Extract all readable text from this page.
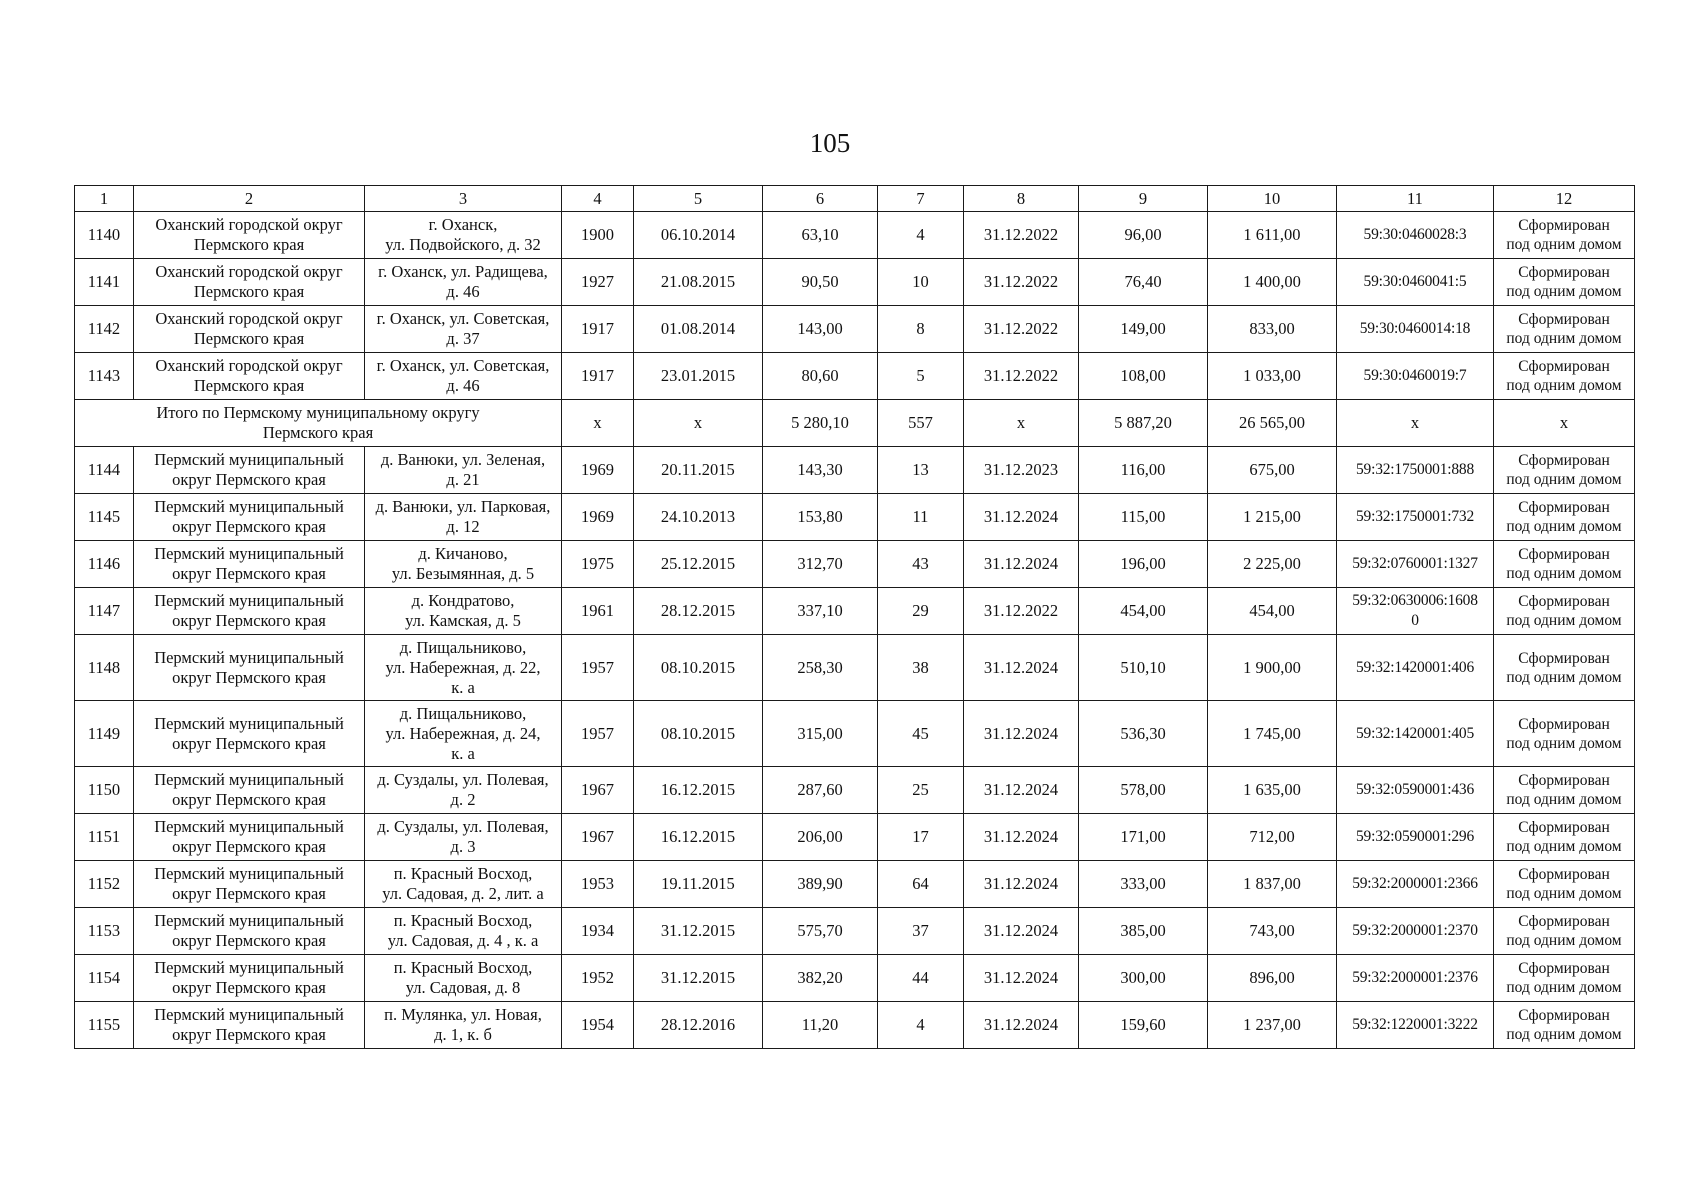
105
1	2	3	4	5	6	7	8	9	10	11	12
1140	Оханский городской округ
Пермского края	г. Оханск,
ул. Подвойского, д. 32	1900	06.10.2014	63,10	4	31.12.2022	96,00	1 611,00	59:30:0460028:3	Сформирован
под одним домом
1141	Оханский городской округ
Пермского края	г. Оханск, ул. Радищева,
д. 46	1927	21.08.2015	90,50	10	31.12.2022	76,40	1 400,00	59:30:0460041:5	Сформирован
под одним домом
1142	Оханский городской округ
Пермского края	г. Оханск, ул. Советская,
д. 37	1917	01.08.2014	143,00	8	31.12.2022	149,00	833,00	59:30:0460014:18	Сформирован
под одним домом
1143	Оханский городской округ
Пермского края	г. Оханск, ул. Советская,
д. 46	1917	23.01.2015	80,60	5	31.12.2022	108,00	1 033,00	59:30:0460019:7	Сформирован
под одним домом
Итого по Пермскому муниципальному округу
Пермского края			х	х	5 280,10	557	х	5 887,20	26 565,00	х	х
1144	Пермский муниципальный
округ Пермского края	д. Ванюки, ул. Зеленая,
д. 21	1969	20.11.2015	143,30	13	31.12.2023	116,00	675,00	59:32:1750001:888	Сформирован
под одним домом
1145	Пермский муниципальный
округ Пермского края	д. Ванюки, ул. Парковая,
д. 12	1969	24.10.2013	153,80	11	31.12.2024	115,00	1 215,00	59:32:1750001:732	Сформирован
под одним домом
1146	Пермский муниципальный
округ Пермского края	д. Кичаново,
ул. Безымянная, д. 5	1975	25.12.2015	312,70	43	31.12.2024	196,00	2 225,00	59:32:0760001:1327	Сформирован
под одним домом
1147	Пермский муниципальный
округ Пермского края	д. Кондратово,
ул. Камская, д. 5	1961	28.12.2015	337,10	29	31.12.2022	454,00	454,00	59:32:0630006:1608
0	Сформирован
под одним домом
1148	Пермский муниципальный
округ Пермского края	д. Пищальниково,
ул. Набережная, д. 22,
к. а	1957	08.10.2015	258,30	38	31.12.2024	510,10	1 900,00	59:32:1420001:406	Сформирован
под одним домом
1149	Пермский муниципальный
округ Пермского края	д. Пищальниково,
ул. Набережная, д. 24,
к. а	1957	08.10.2015	315,00	45	31.12.2024	536,30	1 745,00	59:32:1420001:405	Сформирован
под одним домом
1150	Пермский муниципальный
округ Пермского края	д. Суздалы, ул. Полевая,
д. 2	1967	16.12.2015	287,60	25	31.12.2024	578,00	1 635,00	59:32:0590001:436	Сформирован
под одним домом
1151	Пермский муниципальный
округ Пермского края	д. Суздалы, ул. Полевая,
д. 3	1967	16.12.2015	206,00	17	31.12.2024	171,00	712,00	59:32:0590001:296	Сформирован
под одним домом
1152	Пермский муниципальный
округ Пермского края	п. Красный Восход,
ул. Садовая, д. 2, лит. а	1953	19.11.2015	389,90	64	31.12.2024	333,00	1 837,00	59:32:2000001:2366	Сформирован
под одним домом
1153	Пермский муниципальный
округ Пермского края	п. Красный Восход,
ул. Садовая, д. 4 , к. а	1934	31.12.2015	575,70	37	31.12.2024	385,00	743,00	59:32:2000001:2370	Сформирован
под одним домом
1154	Пермский муниципальный
округ Пермского края	п. Красный Восход,
ул. Садовая, д. 8	1952	31.12.2015	382,20	44	31.12.2024	300,00	896,00	59:32:2000001:2376	Сформирован
под одним домом
1155	Пермский муниципальный
округ Пермского края	п. Мулянка, ул. Новая,
д. 1, к. б	1954	28.12.2016	11,20	4	31.12.2024	159,60	1 237,00	59:32:1220001:3222	Сформирован
под одним домом
